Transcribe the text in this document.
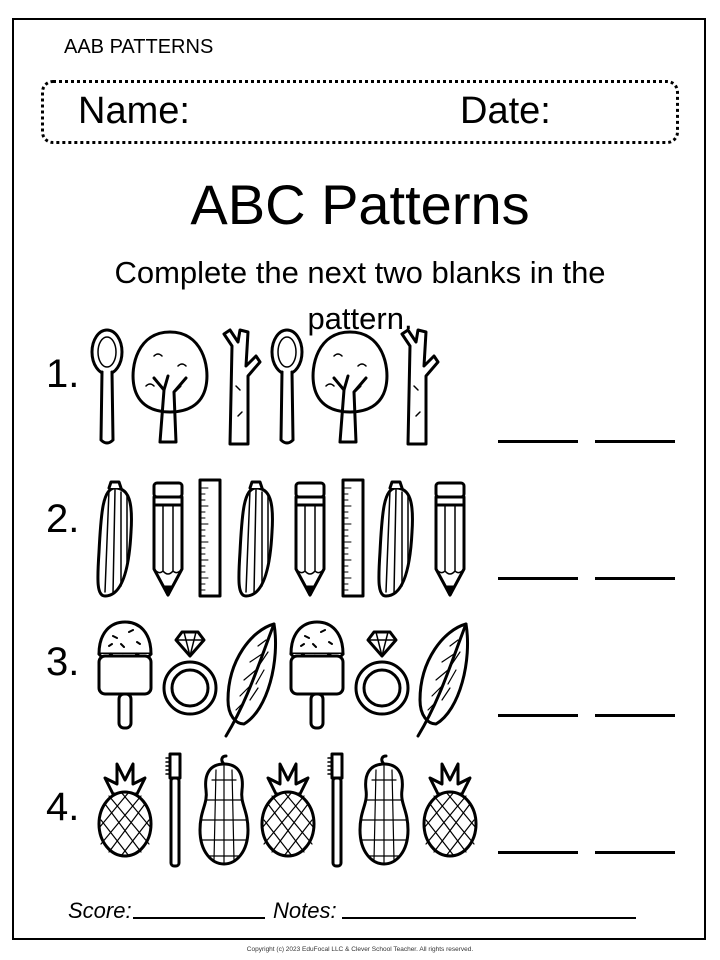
AAB PATTERNS
Name:	Date:
ABC Patterns
Complete the next two blanks in the pattern.
1.
2.
3.
4.
Score:	Notes:
Copyright (c) 2023 EduFocal LLC & Clever School Teacher. All rights reserved.
